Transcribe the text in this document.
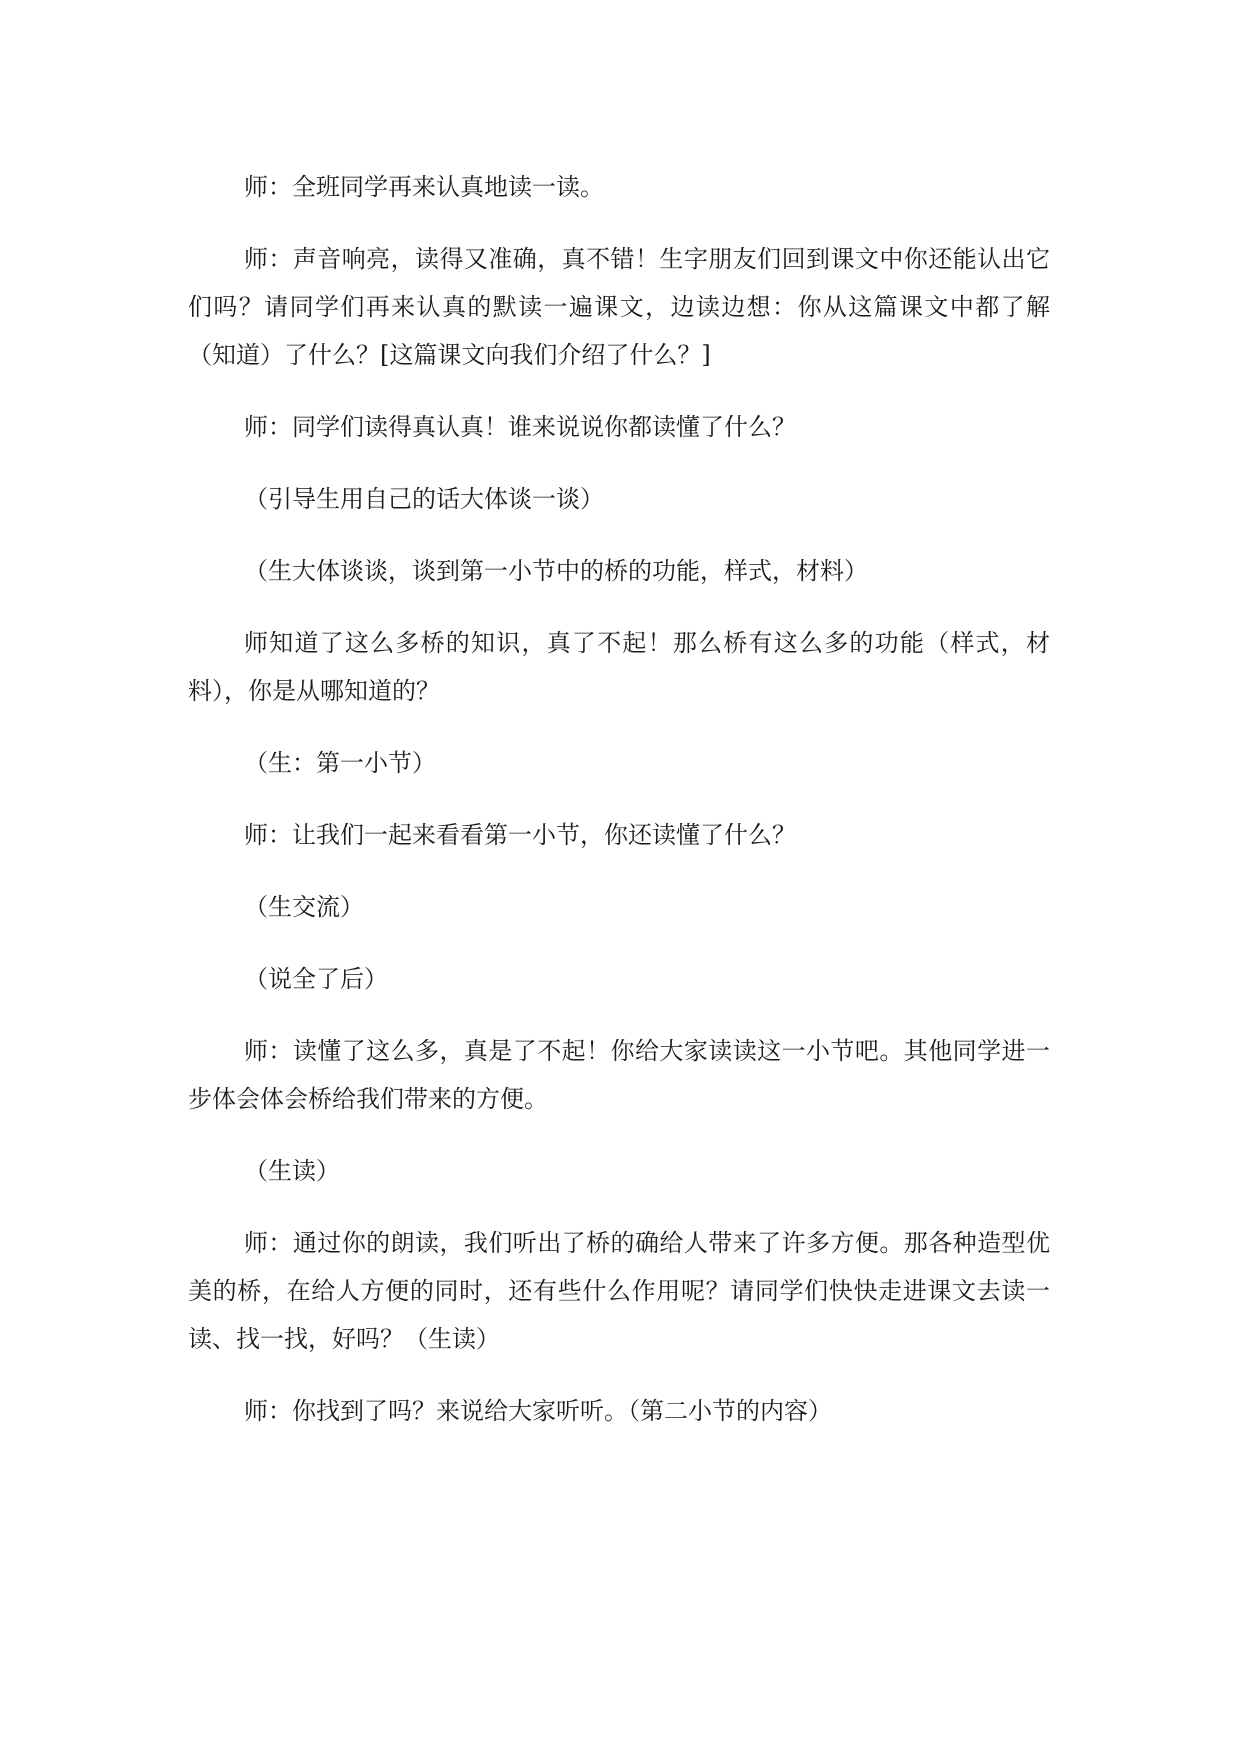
师：全班同学再来认真地读一读。

师：声音响亮，读得又准确，真不错！生字朋友们回到课文中你还能认出它们吗？请同学们再来认真的默读一遍课文，边读边想：你从这篇课文中都了解（知道）了什么？[这篇课文向我们介绍了什么？]

师：同学们读得真认真！谁来说说你都读懂了什么？

（引导生用自己的话大体谈一谈）

（生大体谈谈，谈到第一小节中的桥的功能，样式，材料）

师知道了这么多桥的知识，真了不起！那么桥有这么多的功能（样式，材料），你是从哪知道的？

（生：第一小节）

师：让我们一起来看看第一小节，你还读懂了什么？

（生交流）

（说全了后）

师：读懂了这么多，真是了不起！你给大家读读这一小节吧。其他同学进一步体会体会桥给我们带来的方便。

（生读）

师：通过你的朗读，我们听出了桥的确给人带来了许多方便。那各种造型优美的桥，在给人方便的同时，还有些什么作用呢？请同学们快快走进课文去读一读、找一找，好吗？（生读）

师：你找到了吗？来说给大家听听。（第二小节的内容）
